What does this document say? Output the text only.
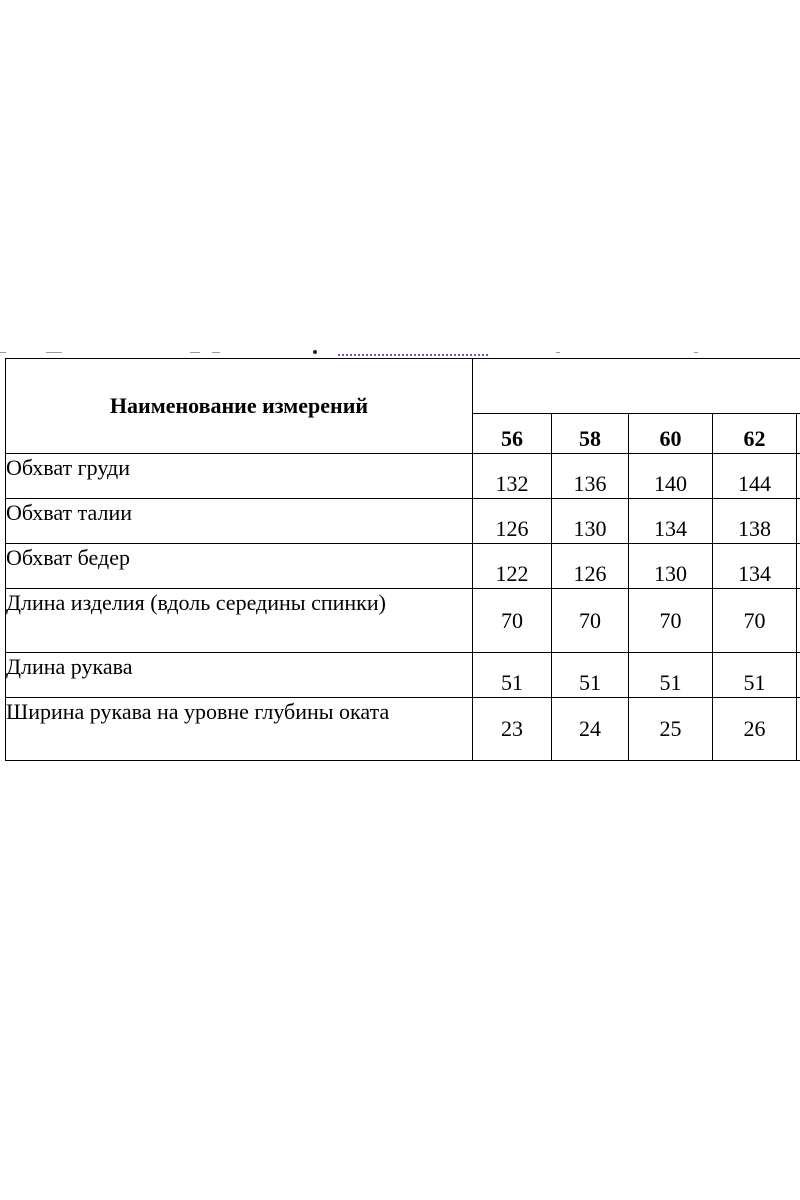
Наименование измерений					
	56	58	60	62	
Обхват груди	132	136	140	144	
Обхват талии	126	130	134	138	
Обхват бедер	122	126	130	134	
Длина изделия (вдоль середины спинки)	70	70	70	70	
Длина рукава	51	51	51	51	
Ширина рукава на уровне глубины оката	23	24	25	26	
